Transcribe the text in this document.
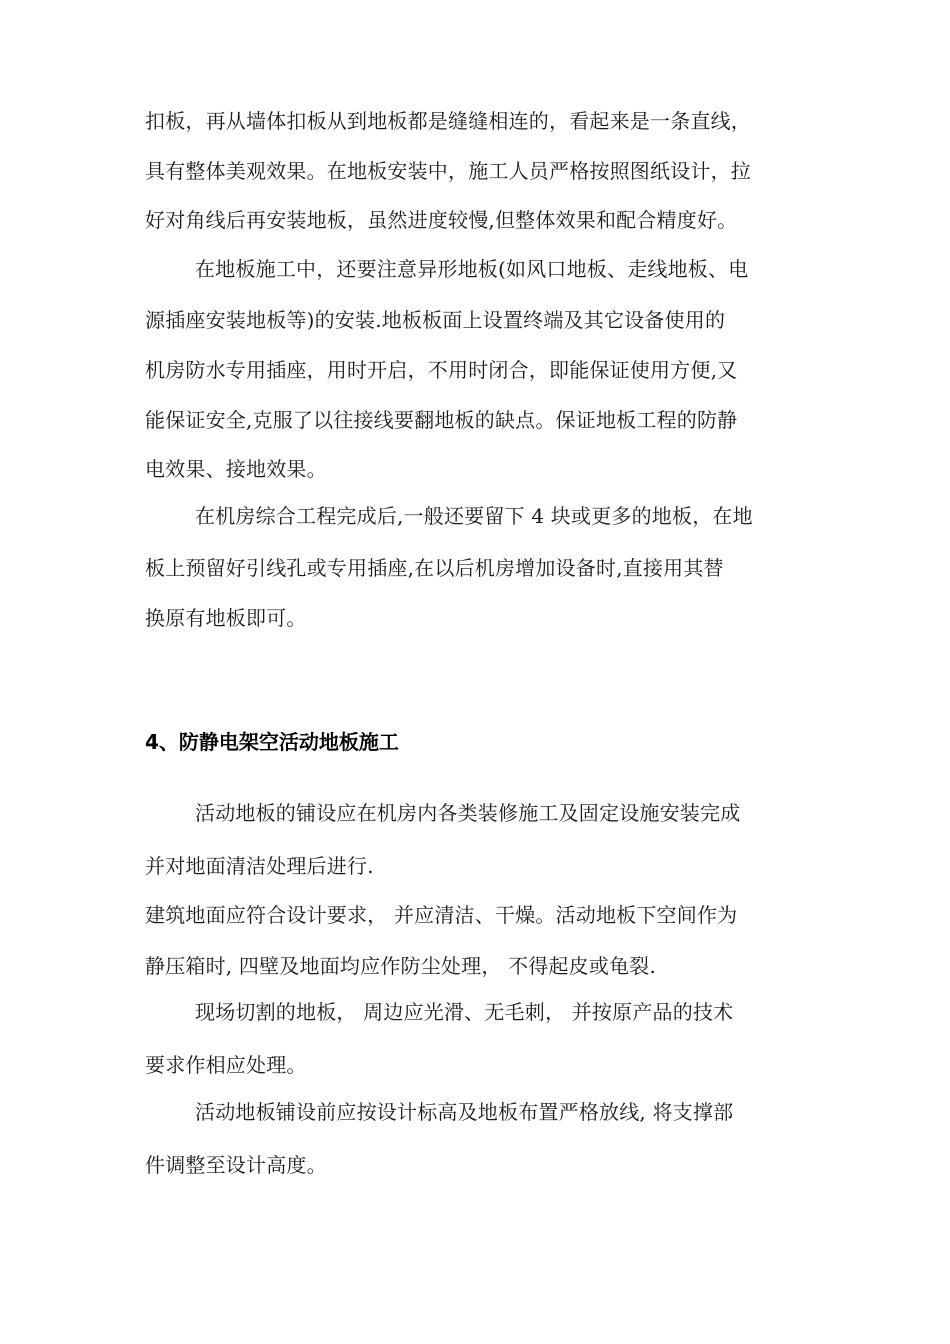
扣板，再从墙体扣板从到地板都是缝缝相连的，看起来是一条直线，
具有整体美观效果。在地板安装中，施工人员严格按照图纸设计，拉
好对角线后再安装地板，虽然进度较慢,但整体效果和配合精度好。
在地板施工中，还要注意异形地板(如风口地板、走线地板、电
源插座安装地板等)的安装.地板板面上设置终端及其它设备使用的
机房防水专用插座，用时开启，不用时闭合，即能保证使用方便,又
能保证安全,克服了以往接线要翻地板的缺点。保证地板工程的防静
电效果、接地效果。
在机房综合工程完成后,一般还要留下 4 块或更多的地板，在地
板上预留好引线孔或专用插座,在以后机房增加设备时,直接用其替
换原有地板即可。
4、防静电架空活动地板施工
活动地板的铺设应在机房内各类装修施工及固定设施安装完成
并对地面清洁处理后进行.
建筑地面应符合设计要求， 并应清洁、干燥。活动地板下空间作为
静压箱时, 四壁及地面均应作防尘处理， 不得起皮或龟裂.
现场切割的地板， 周边应光滑、无毛刺， 并按原产品的技术
要求作相应处理。
活动地板铺设前应按设计标高及地板布置严格放线, 将支撑部
件调整至设计高度。
